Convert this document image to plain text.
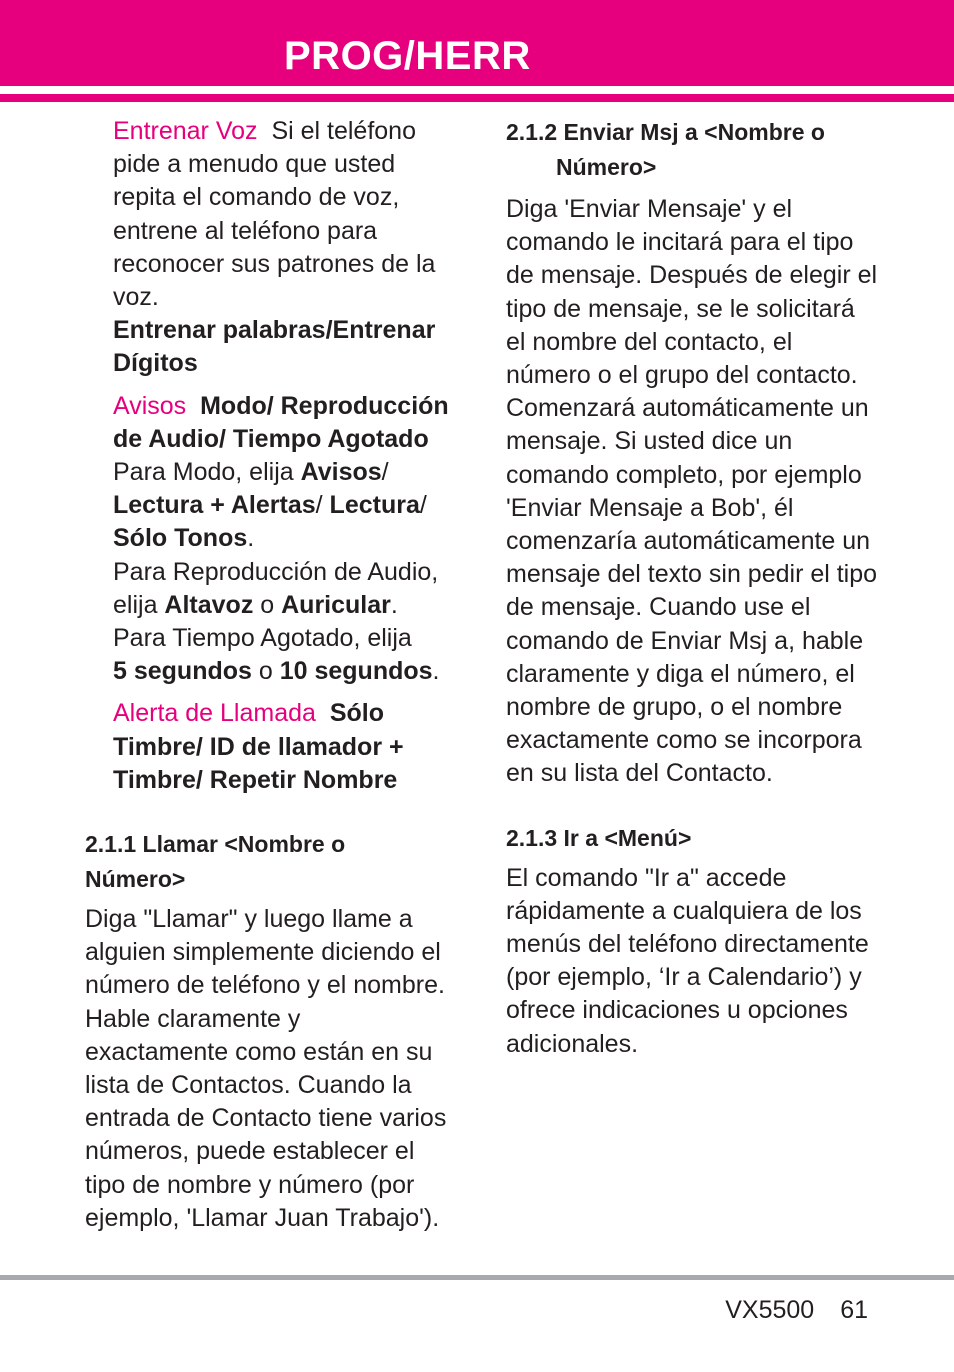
PROG/HERR

Entrenar Voz Si el teléfono pide a menudo que usted repita el comando de voz, entrene al teléfono para reconocer sus patrones de la voz.

Entrenar palabras/Entrenar Dígitos

Avisos Modo/ Reproducción de Audio/ Tiempo Agotado

Para Modo, elija Avisos/ Lectura + Alertas/ Lectura/ Sólo Tonos.

Para Reproducción de Audio, elija Altavoz o Auricular.

Para Tiempo Agotado, elija
5 segundos o 10 segundos.

Alerta de Llamada Sólo Timbre/ ID de llamador + Timbre/ Repetir Nombre

2.1.1 Llamar <Nombre o Número>

Diga "Llamar" y luego llame a alguien simplemente diciendo el número de teléfono y el nombre. Hable claramente y exactamente como están en su lista de Contactos. Cuando la entrada de Contacto tiene varios números, puede establecer el tipo de nombre y número (por ejemplo, 'Llamar Juan Trabajo').

2.1.2 Enviar Msj a <Nombre o

Número>

Diga 'Enviar Mensaje' y el comando le incitará para el tipo de mensaje. Después de elegir el tipo de mensaje, se le solicitará el nombre del contacto, el número o el grupo del contacto. Comenzará automáticamente un mensaje. Si usted dice un comando completo, por ejemplo 'Enviar Mensaje a Bob', él comenzaría automáticamente un mensaje del texto sin pedir el tipo de mensaje. Cuando use el comando de Enviar Msj a, hable claramente y diga el número, el nombre de grupo, o el nombre exactamente como se incorpora en su lista del Contacto.

2.1.3 Ir a <Menú>

El comando "Ir a" accede rápidamente a cualquiera de los menús del teléfono directamente (por ejemplo, ‘Ir a Calendario’) y ofrece indicaciones u opciones adicionales.

VX5500 61
